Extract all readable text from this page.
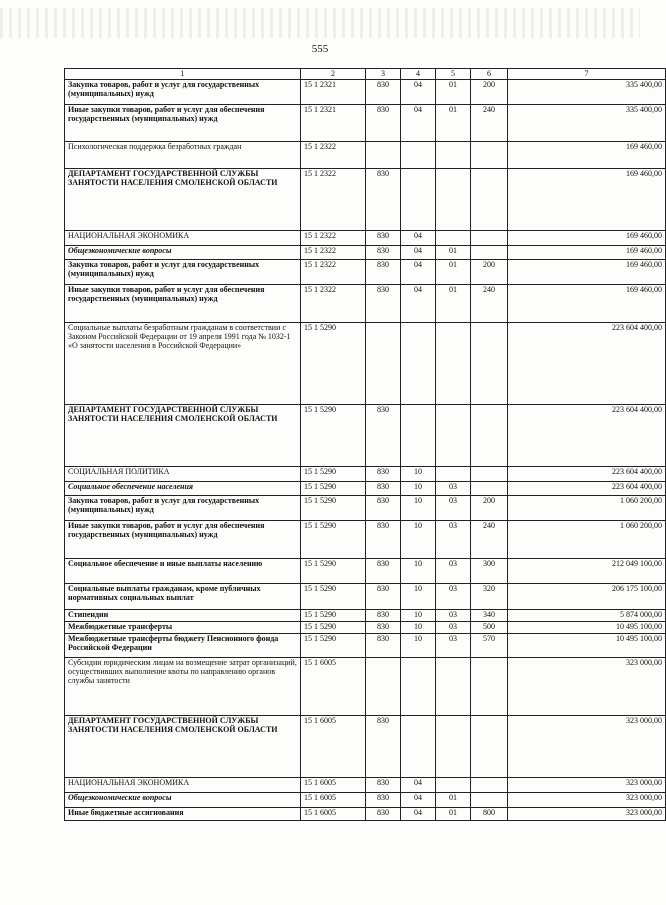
555
1	2	3	4	5	6	7
Закупка товаров, работ и услуг для государственных (муниципальных) нужд	15 1 2321	830	04	01	200	335 400,00
Иные закупки товаров, работ и услуг для обеспечения государственных (муниципальных) нужд	15 1 2321	830	04	01	240	335 400,00
Психологическая поддержка безработных граждан	15 1 2322					169 460,00
ДЕПАРТАМЕНТ ГОСУДАРСТВЕННОЙ СЛУЖБЫ ЗАНЯТОСТИ НАСЕЛЕНИЯ СМОЛЕНСКОЙ ОБЛАСТИ	15 1 2322	830				169 460,00
НАЦИОНАЛЬНАЯ ЭКОНОМИКА	15 1 2322	830	04			169 460,00
Общеэкономические вопросы	15 1 2322	830	04	01		169 460,00
Закупка товаров, работ и услуг для государственных (муниципальных) нужд	15 1 2322	830	04	01	200	169 460,00
Иные закупки товаров, работ и услуг для обеспечения государственных (муниципальных) нужд	15 1 2322	830	04	01	240	169 460,00
Социальные выплаты безработным гражданам в соответствии с Законом Российской Федерации от 19 апреля 1991 года № 1032-1 «О занятости населения в Российской Федерации»	15 1 5290					223 604 400,00
ДЕПАРТАМЕНТ ГОСУДАРСТВЕННОЙ СЛУЖБЫ ЗАНЯТОСТИ НАСЕЛЕНИЯ СМОЛЕНСКОЙ ОБЛАСТИ	15 1 5290	830				223 604 400,00
СОЦИАЛЬНАЯ ПОЛИТИКА	15 1 5290	830	10			223 604 400,00
Социальное обеспечение населения	15 1 5290	830	10	03		223 604 400,00
Закупка товаров, работ и услуг для государственных (муниципальных) нужд	15 1 5290	830	10	03	200	1 060 200,00
Иные закупки товаров, работ и услуг для обеспечения государственных (муниципальных) нужд	15 1 5290	830	10	03	240	1 060 200,00
Социальное обеспечение и иные выплаты населению	15 1 5290	830	10	03	300	212 049 100,00
Социальные выплаты гражданам, кроме публичных нормативных социальных выплат	15 1 5290	830	10	03	320	206 175 100,00
Стипендии	15 1 5290	830	10	03	340	5 874 000,00
Межбюджетные трансферты	15 1 5290	830	10	03	500	10 495 100,00
Межбюджетные трансферты бюджету Пенсионного фонда Российской Федерации	15 1 5290	830	10	03	570	10 495 100,00
Субсидии юридическим лицам на возмещение затрат организаций, осуществивших выполнение квоты по направлению органов службы занятости	15 1 6005					323 000,00
ДЕПАРТАМЕНТ ГОСУДАРСТВЕННОЙ СЛУЖБЫ ЗАНЯТОСТИ НАСЕЛЕНИЯ СМОЛЕНСКОЙ ОБЛАСТИ	15 1 6005	830				323 000,00
НАЦИОНАЛЬНАЯ ЭКОНОМИКА	15 1 6005	830	04			323 000,00
Общеэкономические вопросы	15 1 6005	830	04	01		323 000,00
Иные бюджетные ассигнования	15 1 6005	830	04	01	800	323 000,00
